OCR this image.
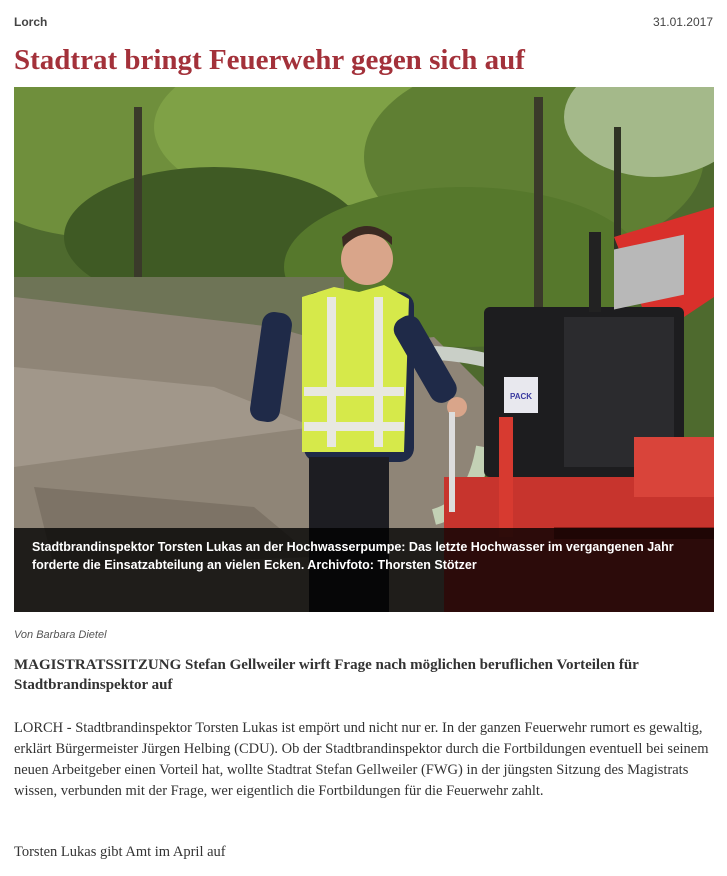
Lorch	31.01.2017
Stadtrat bringt Feuerwehr gegen sich auf
PACK

Stadtbrandinspektor Torsten Lukas an der Hochwasserpumpe: Das letzte Hochwasser im vergangenen Jahr forderte die Einsatzabteilung an vielen Ecken. Archivfoto: Thorsten Stötzer

Von Barbara Dietel

MAGISTRATSSITZUNG Stefan Gellweiler wirft Frage nach möglichen beruflichen Vorteilen für Stadtbrandinspektor auf

LORCH - Stadtbrandinspektor Torsten Lukas ist empört und nicht nur er. In der ganzen Feuerwehr rumort es gewaltig, erklärt Bürgermeister Jürgen Helbing (CDU). Ob der Stadtbrandinspektor durch die Fortbildungen eventuell bei seinem neuen Arbeitgeber einen Vorteil hat, wollte Stadtrat Stefan Gellweiler (FWG) in der jüngsten Sitzung des Magistrats wissen, verbunden mit der Frage, wer eigentlich die Fortbildungen für die Feuerwehr zahlt.

Torsten Lukas gibt Amt im April auf
